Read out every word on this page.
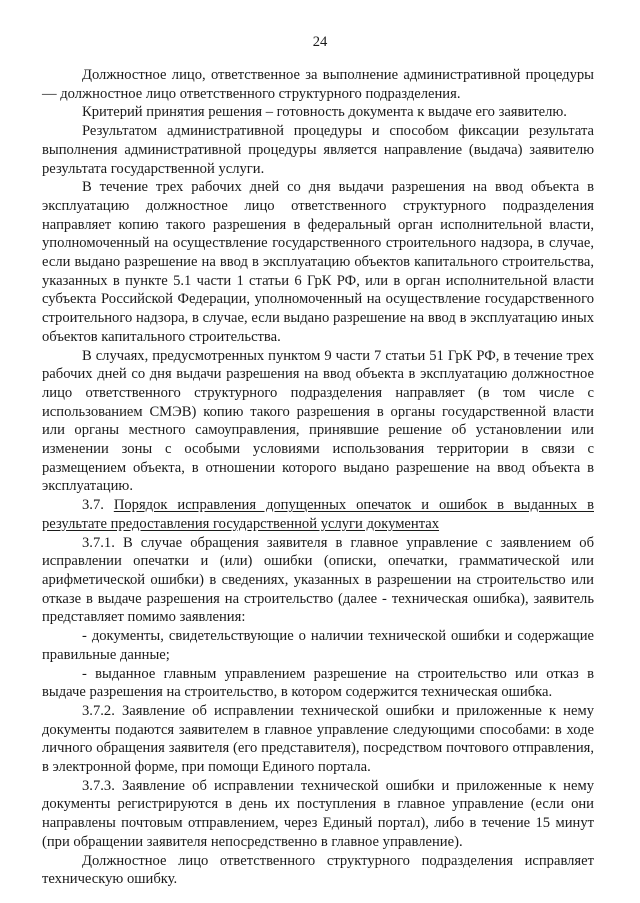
24

Должностное лицо, ответственное за выполнение административной процедуры — должностное лицо ответственного структурного подразделения.

Критерий принятия решения – готовность документа к выдаче его заявителю.

Результатом административной процедуры и способом фиксации результата выполнения административной процедуры является направление (выдача) заявителю результата государственной услуги.

В течение трех рабочих дней со дня выдачи разрешения на ввод объекта в эксплуатацию должностное лицо ответственного структурного подразделения направляет копию такого разрешения в федеральный орган исполнительной власти, уполномоченный на осуществление государственного строительного надзора, в случае, если выдано разрешение на ввод в эксплуатацию объектов капитального строительства, указанных в пункте 5.1 части 1 статьи 6 ГрК РФ, или в орган исполнительной власти субъекта Российской Федерации, уполномоченный на осуществление государственного строительного надзора, в случае, если выдано разрешение на ввод в эксплуатацию иных объектов капитального строительства.

В случаях, предусмотренных пунктом 9 части 7 статьи 51 ГрК РФ, в течение трех рабочих дней со дня выдачи разрешения на ввод объекта в эксплуатацию должностное лицо ответственного структурного подразделения направляет (в том числе с использованием СМЭВ) копию такого разрешения в органы государственной власти или органы местного самоуправления, принявшие решение об установлении или изменении зоны с особыми условиями использования территории в связи с размещением объекта, в отношении которого выдано разрешение на ввод объекта в эксплуатацию.

3.7. Порядок исправления допущенных опечаток и ошибок в выданных в результате предоставления государственной услуги документах

3.7.1. В случае обращения заявителя в главное управление с заявлением об исправлении опечатки и (или) ошибки (описки, опечатки, грамматической или арифметической ошибки) в сведениях, указанных в разрешении на строительство или отказе в выдаче разрешения на строительство (далее - техническая ошибка), заявитель представляет помимо заявления:

- документы, свидетельствующие о наличии технической ошибки и содержащие правильные данные;

- выданное главным управлением разрешение на строительство или отказ в выдаче разрешения на строительство, в котором содержится техническая ошибка.

3.7.2. Заявление об исправлении технической ошибки и приложенные к нему документы подаются заявителем в главное управление следующими способами: в ходе личного обращения заявителя (его представителя), посредством почтового отправления, в электронной форме, при помощи Единого портала.

3.7.3. Заявление об исправлении технической ошибки и приложенные к нему документы регистрируются в день их поступления в главное управление (если они направлены почтовым отправлением, через Единый портал), либо в течение 15 минут (при обращении заявителя непосредственно в главное управление).

Должностное лицо ответственного структурного подразделения исправляет техническую ошибку.
